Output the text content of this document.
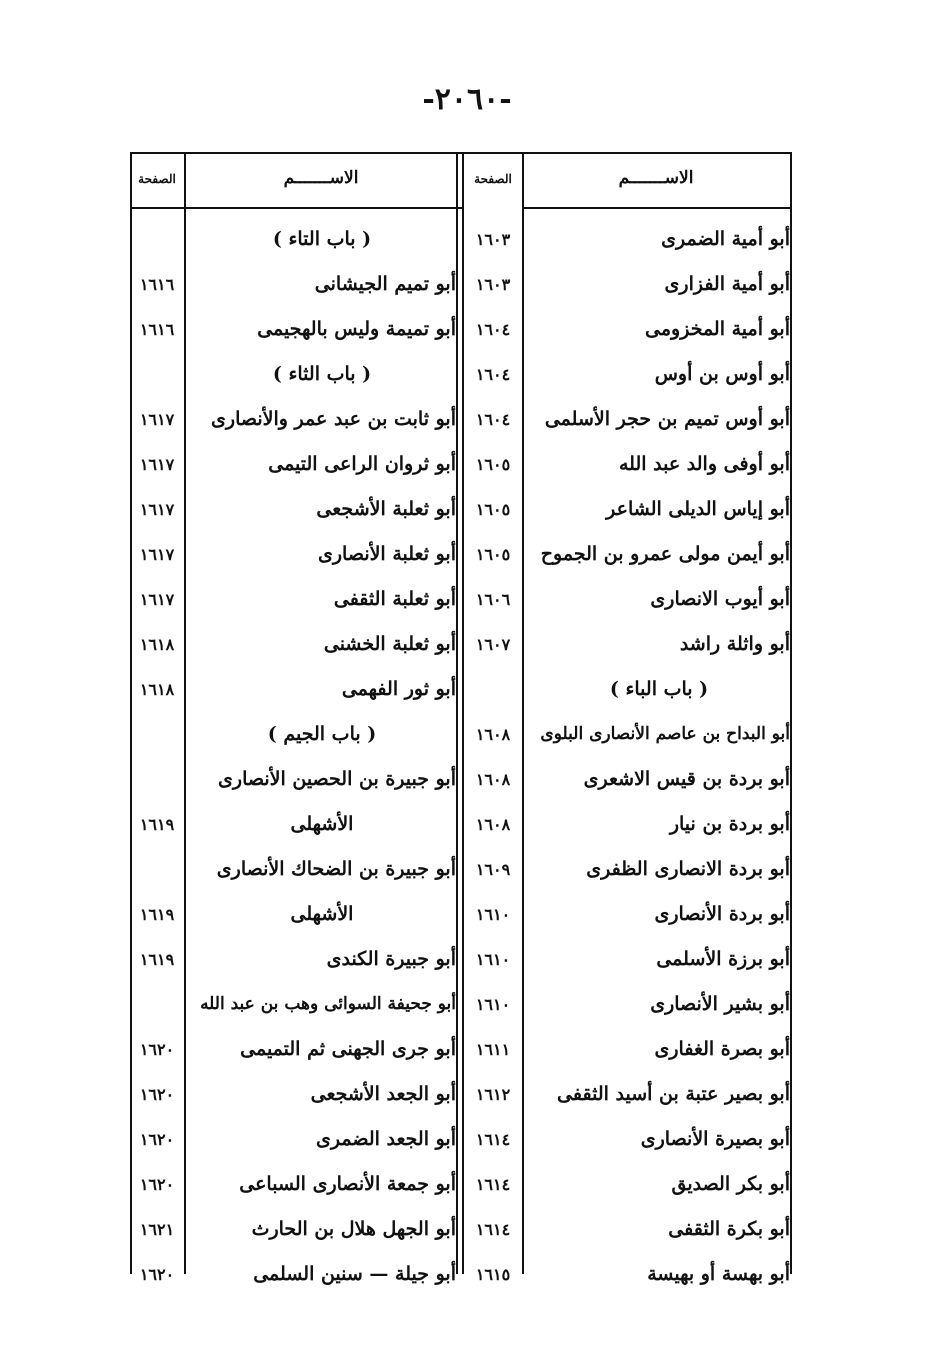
-٢٠٦٠-
الاســـــــم
الصفحة
الاســـــــم
الصفحة
أبو أمية الضمرى
١٦٠٣
أبو أمية الفزارى
١٦٠٣
أبو أمية المخزومى
١٦٠٤
أبو أوس بن أوس
١٦٠٤
أبو أوس تميم بن حجر الأسلمى
١٦٠٤
أبو أوفى والد عبد الله
١٦٠٥
أبو إياس الديلى الشاعر
١٦٠٥
أبو أيمن مولى عمرو بن الجموح
١٦٠٥
أبو أيوب الانصارى
١٦٠٦
أبو واثلة راشد
١٦٠٧
( باب الباء )
أبو البداح بن عاصم الأنصارى البلوى
١٦٠٨
أبو بردة بن قيس الاشعرى
١٦٠٨
أبو بردة بن نيار
١٦٠٨
أبو بردة الانصارى الظفرى
١٦٠٩
أبو بردة الأنصارى
١٦١٠
أبو برزة الأسلمى
١٦١٠
أبو بشير الأنصارى
١٦١٠
أبو بصرة الغفارى
١٦١١
أبو بصير عتبة بن أسيد الثقفى
١٦١٢
أبو بصيرة الأنصارى
١٦١٤
أبو بكر الصديق
١٦١٤
أبو بكرة الثقفى
١٦١٤
أبو بهسة أو بهيسة
١٦١٥
( باب التاء )
أبو تميم الجيشانى
١٦١٦
أبو تميمة وليس بالهجيمى
١٦١٦
( باب الثاء )
أبو ثابت بن عبد عمر والأنصارى
١٦١٧
أبو ثروان الراعى التيمى
١٦١٧
أبو ثعلبة الأشجعى
١٦١٧
أبو ثعلبة الأنصارى
١٦١٧
أبو ثعلبة الثقفى
١٦١٧
أبو ثعلبة الخشنى
١٦١٨
أبو ثور الفهمى
١٦١٨
( باب الجيم )
أبو جبيرة بن الحصين الأنصارى
الأشهلى
١٦١٩
أبو جبيرة بن الضحاك الأنصارى
الأشهلى
١٦١٩
أبو جبيرة الكندى
١٦١٩
أبو جحيفة السوائى وهب بن عبد الله
أبو جرى الجهنى ثم التميمى
١٦٢٠
أبو الجعد الأشجعى
١٦٢٠
أبو الجعد الضمرى
١٦٢٠
أبو جمعة الأنصارى السباعى
١٦٢٠
أبو الجهل هلال بن الحارث
١٦٢١
أبو جيلة — سنين السلمى
١٦٢٠
